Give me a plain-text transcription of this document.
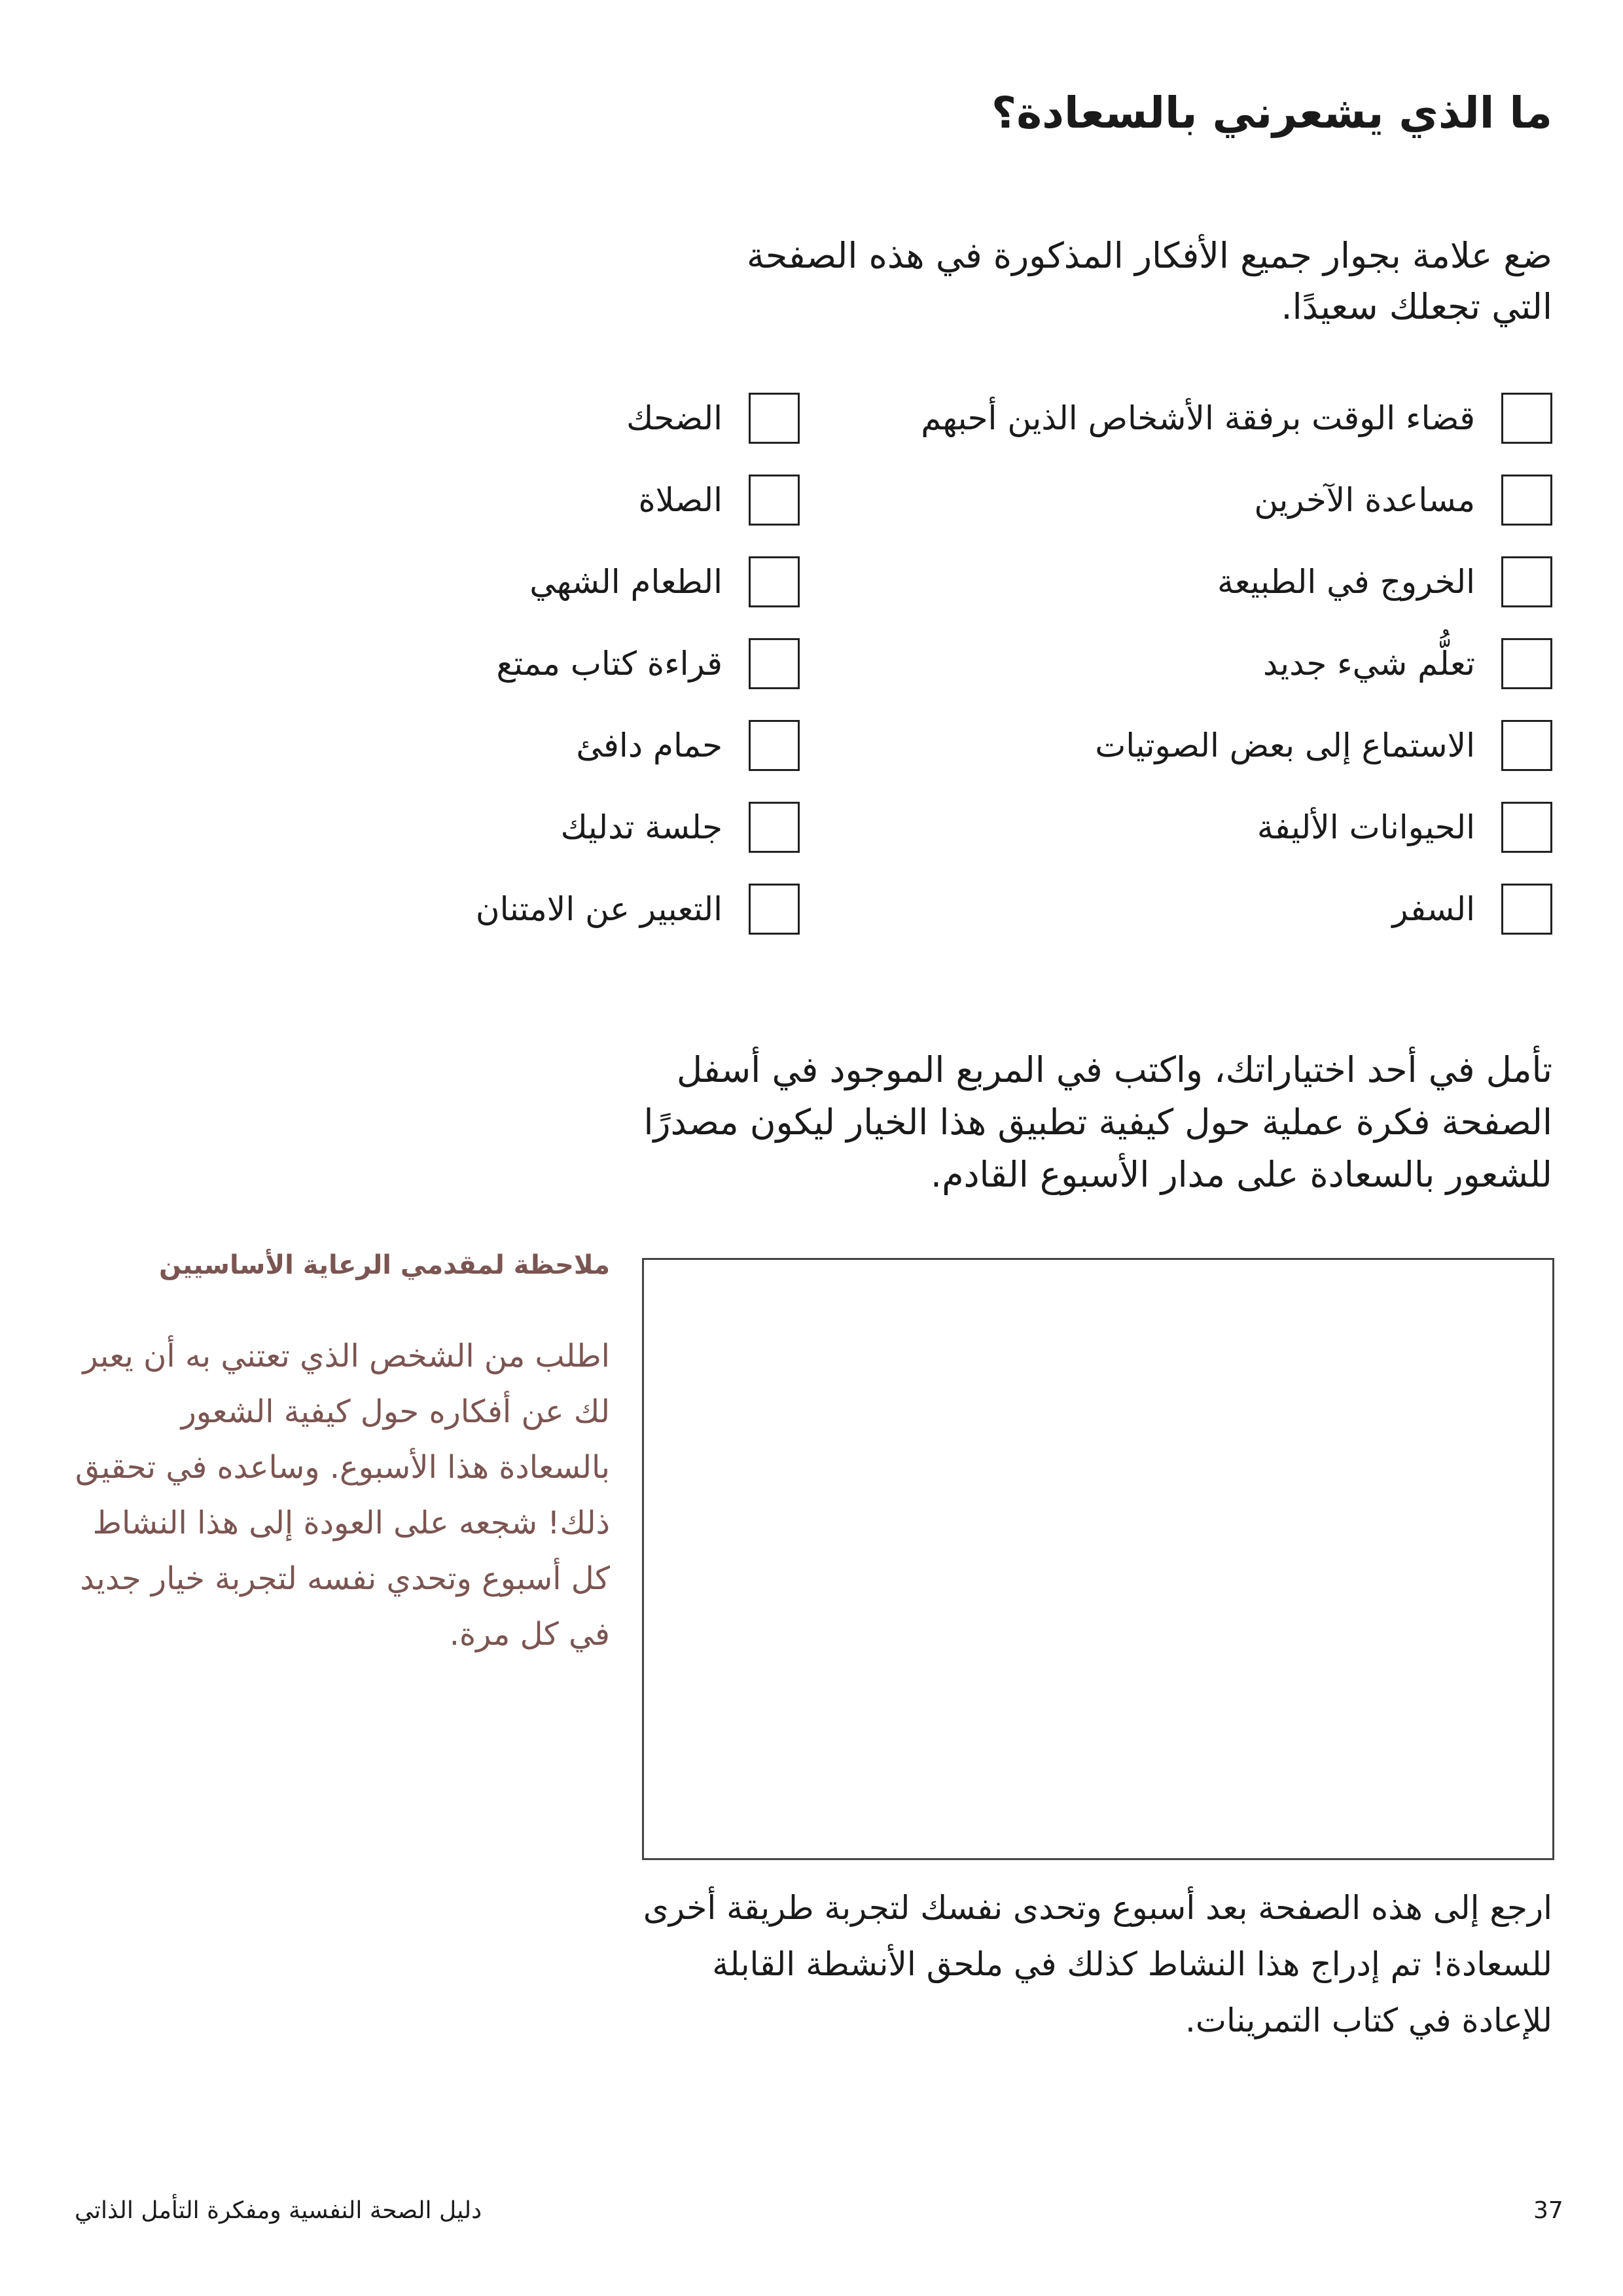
ما الذي يشعرني بالسعادة؟
ضع علامة بجوار جميع الأفكار المذكورة في هذه الصفحة التي تجعلك سعيدًا.
قضاء الوقت برفقة الأشخاص الذين أحبهم
مساعدة الآخرين
الخروج في الطبيعة
تعلُّم شيء جديد
الاستماع إلى بعض الصوتيات
الحيوانات الأليفة
السفر
الضحك
الصلاة
الطعام الشهي
قراءة كتاب ممتع
حمام دافئ
جلسة تدليك
التعبير عن الامتنان
تأمل في أحد اختياراتك، واكتب في المربع الموجود في أسفل الصفحة فكرة عملية حول كيفية تطبيق هذا الخيار ليكون مصدرًا للشعور بالسعادة على مدار الأسبوع القادم.
ملاحظة لمقدمي الرعاية الأساسيين
اطلب من الشخص الذي تعتني به أن يعبر لك عن أفكاره حول كيفية الشعور بالسعادة هذا الأسبوع. وساعده في تحقيق ذلك! شجعه على العودة إلى هذا النشاط كل أسبوع وتحدي نفسه لتجربة خيار جديد في كل مرة.
ارجع إلى هذه الصفحة بعد أسبوع وتحدى نفسك لتجربة طريقة أخرى للسعادة! تم إدراج هذا النشاط كذلك في ملحق الأنشطة القابلة للإعادة في كتاب التمرينات.
37
دليل الصحة النفسية ومفكرة التأمل الذاتي
